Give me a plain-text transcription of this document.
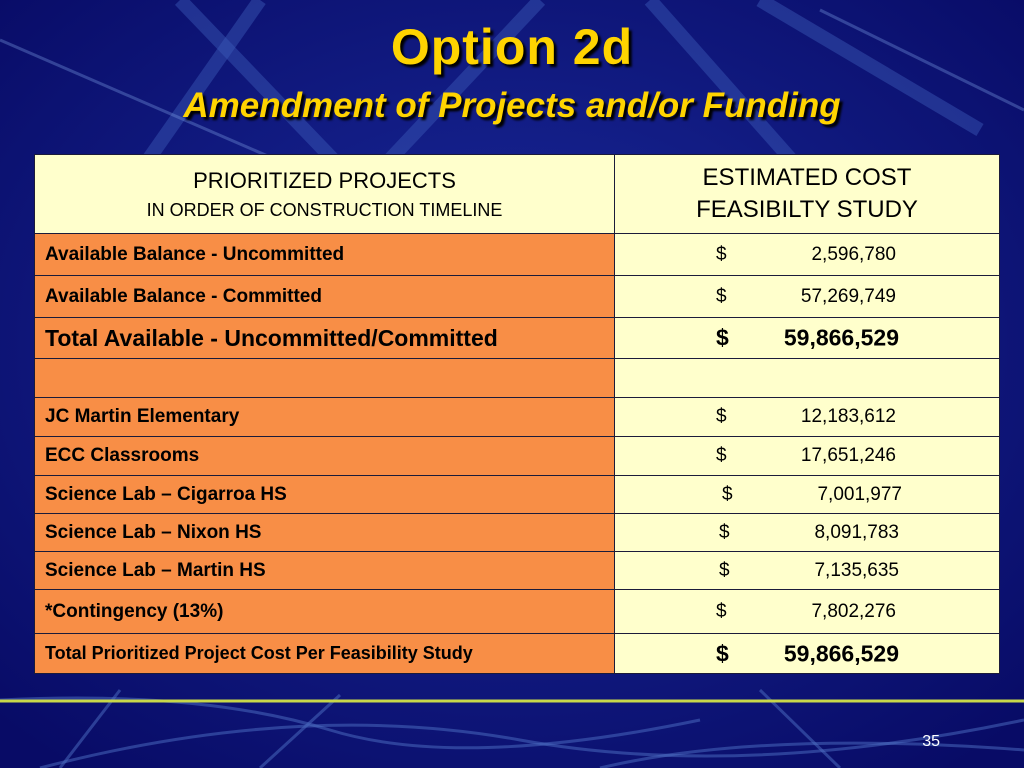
Option 2d
Amendment of Projects and/or Funding
PRIORITIZED PROJECTS
IN ORDER OF CONSTRUCTION TIMELINE	ESTIMATED COST
FEASIBILTY STUDY

Available Balance - Uncommitted	$ 2,596,780

Available Balance - Committed	$ 57,269,749

Total Available - Uncommitted/Committed	$ 59,866,529

JC Martin Elementary	$ 12,183,612

ECC Classrooms	$ 17,651,246

Science Lab – Cigarroa HS	$ 7,001,977

Science Lab – Nixon HS	$ 8,091,783

Science Lab – Martin HS	$ 7,135,635

*Contingency (13%)	$ 7,802,276

Total Prioritized Project Cost Per Feasibility Study	$ 59,866,529
35
